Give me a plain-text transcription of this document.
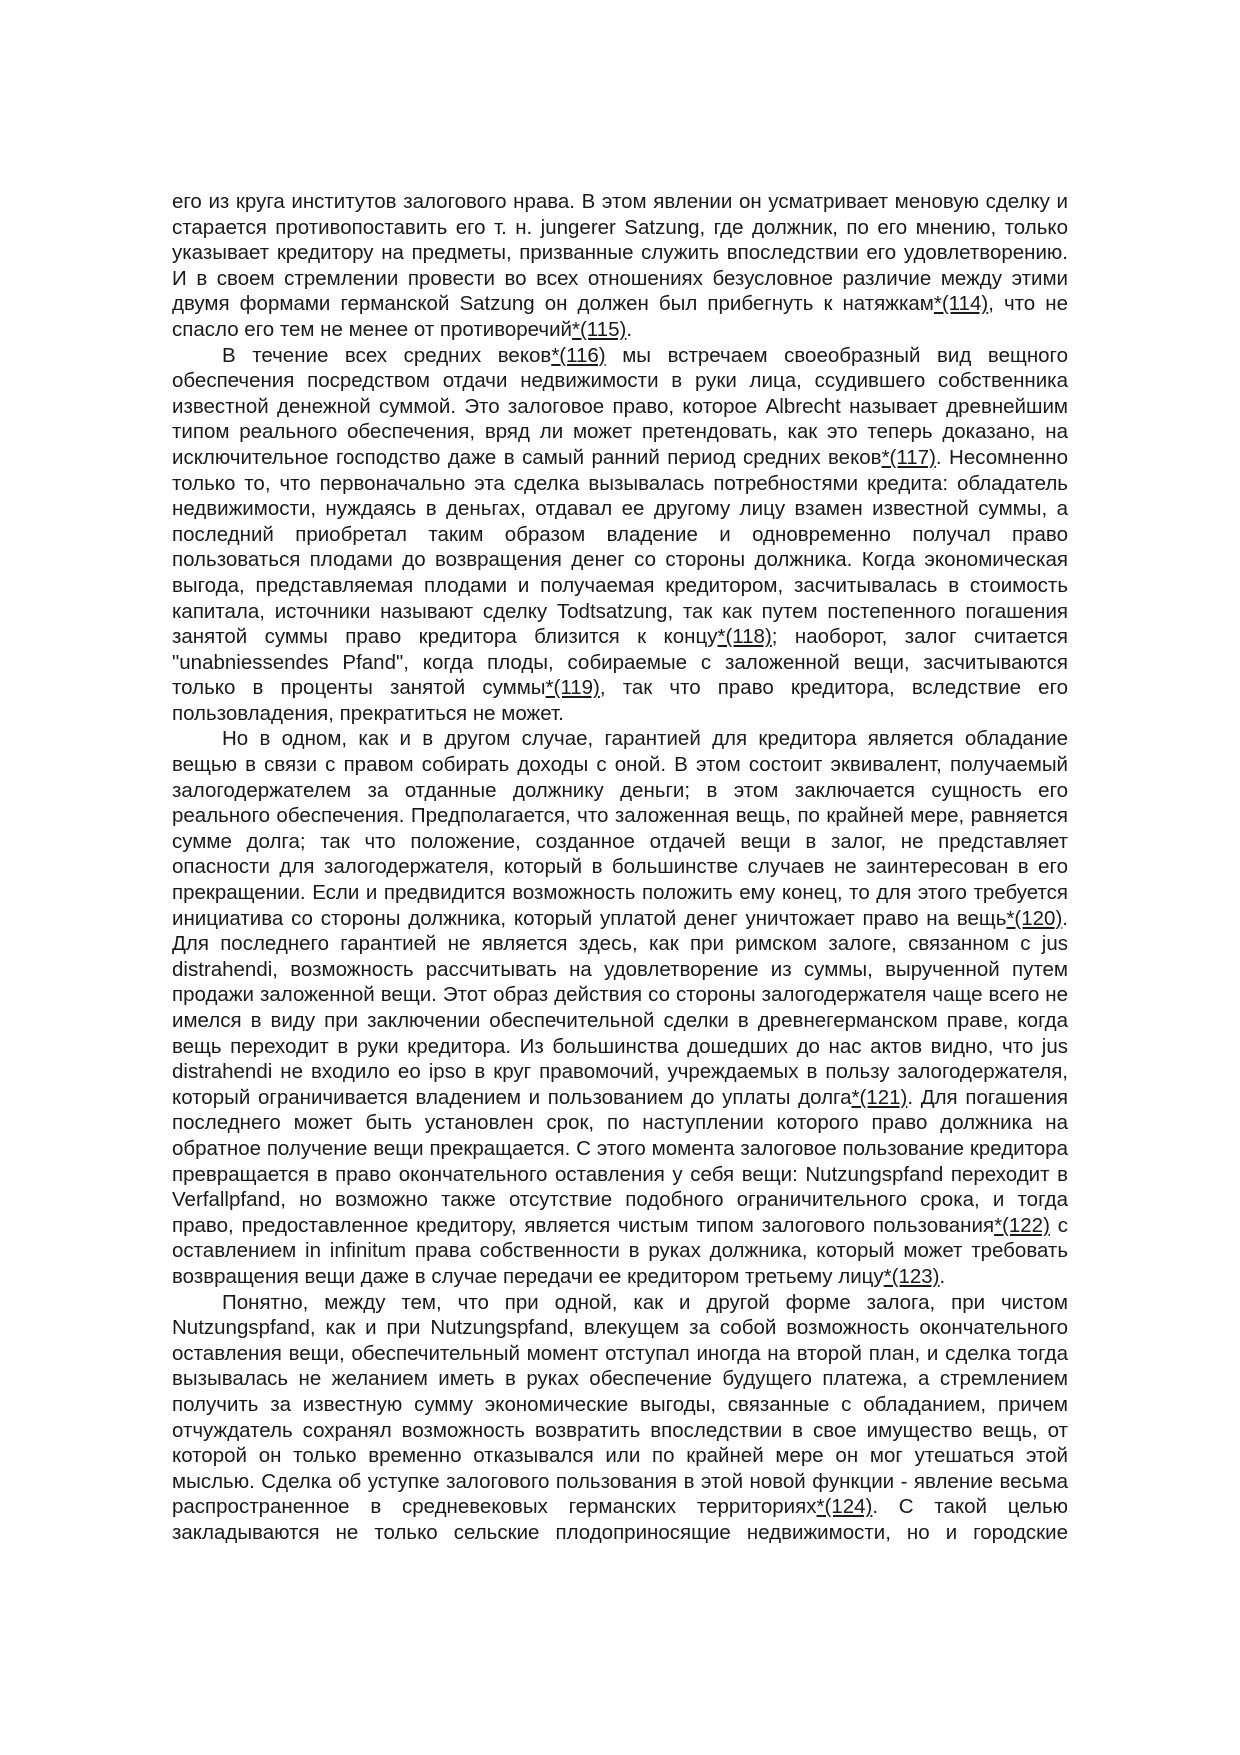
его из круга институтов залогового нрава. В этом явлении он усматривает меновую сделку и старается противопоставить его т. н. jungerer Satzung, где должник, по его мнению, только указывает кредитору на предметы, призванные служить впоследствии его удовлетворению. И в своем стремлении провести во всех отношениях безусловное различие между этими двумя формами германской Satzung он должен был прибегнуть к натяжкам*(114), что не спасло его тем не менее от противоречий*(115).

В течение всех средних веков*(116) мы встречаем своеобразный вид вещного обеспечения посредством отдачи недвижимости в руки лица, ссудившего собственника известной денежной суммой. Это залоговое право, которое Albrecht называет древнейшим типом реального обеспечения, вряд ли может претендовать, как это теперь доказано, на исключительное господство даже в самый ранний период средних веков*(117). Несомненно только то, что первоначально эта сделка вызывалась потребностями кредита: обладатель недвижимости, нуждаясь в деньгах, отдавал ее другому лицу взамен известной суммы, а последний приобретал таким образом владение и одновременно получал право пользоваться плодами до возвращения денег со стороны должника. Когда экономическая выгода, представляемая плодами и получаемая кредитором, засчитывалась в стоимость капитала, источники называют сделку Todtsatzung, так как путем постепенного погашения занятой суммы право кредитора близится к концу*(118); наоборот, залог считается "unabniessendes Pfand", когда плоды, собираемые с заложенной вещи, засчитываются только в проценты занятой суммы*(119), так что право кредитора, вследствие его пользовладения, прекратиться не может.

Но в одном, как и в другом случае, гарантией для кредитора является обладание вещью в связи с правом собирать доходы с оной. В этом состоит эквивалент, получаемый залогодержателем за отданные должнику деньги; в этом заключается сущность его реального обеспечения. Предполагается, что заложенная вещь, по крайней мере, равняется сумме долга; так что положение, созданное отдачей вещи в залог, не представляет опасности для залогодержателя, который в большинстве случаев не заинтересован в его прекращении. Если и предвидится возможность положить ему конец, то для этого требуется инициатива со стороны должника, который уплатой денег уничтожает право на вещь*(120). Для последнего гарантией не является здесь, как при римском залоге, связанном с jus distrahendi, возможность рассчитывать на удовлетворение из суммы, вырученной путем продажи заложенной вещи. Этот образ действия со стороны залогодержателя чаще всего не имелся в виду при заключении обеспечительной сделки в древнегерманском праве, когда вещь переходит в руки кредитора. Из большинства дошедших до нас актов видно, что jus distrahendi не входило ео ipso в круг правомочий, учреждаемых в пользу залогодержателя, который ограничивается владением и пользованием до уплаты долга*(121). Для погашения последнего может быть установлен срок, по наступлении которого право должника на обратное получение вещи прекращается. С этого момента залоговое пользование кредитора превращается в право окончательного оставления у себя вещи: Nutzungspfand переходит в Verfallpfand, но возможно также отсутствие подобного ограничительного срока, и тогда право, предоставленное кредитору, является чистым типом залогового пользования*(122) с оставлением in infinitum права собственности в руках должника, который может требовать возвращения вещи даже в случае передачи ее кредитором третьему лицу*(123).

Понятно, между тем, что при одной, как и другой форме залога, при чистом Nutzungspfand, как и при Nutzungspfand, влекущем за собой возможность окончательного оставления вещи, обеспечительный момент отступал иногда на второй план, и сделка тогда вызывалась не желанием иметь в руках обеспечение будущего платежа, а стремлением получить за известную сумму экономические выгоды, связанные с обладанием, причем отчуждатель сохранял возможность возвратить впоследствии в свое имущество вещь, от которой он только временно отказывался или по крайней мере он мог утешаться этой мыслью. Сделка об уступке залогового пользования в этой новой функции - явление весьма распространенное в средневековых германских территориях*(124). С такой целью закладываются не только сельские плодоприносящие недвижимости, но и городские
